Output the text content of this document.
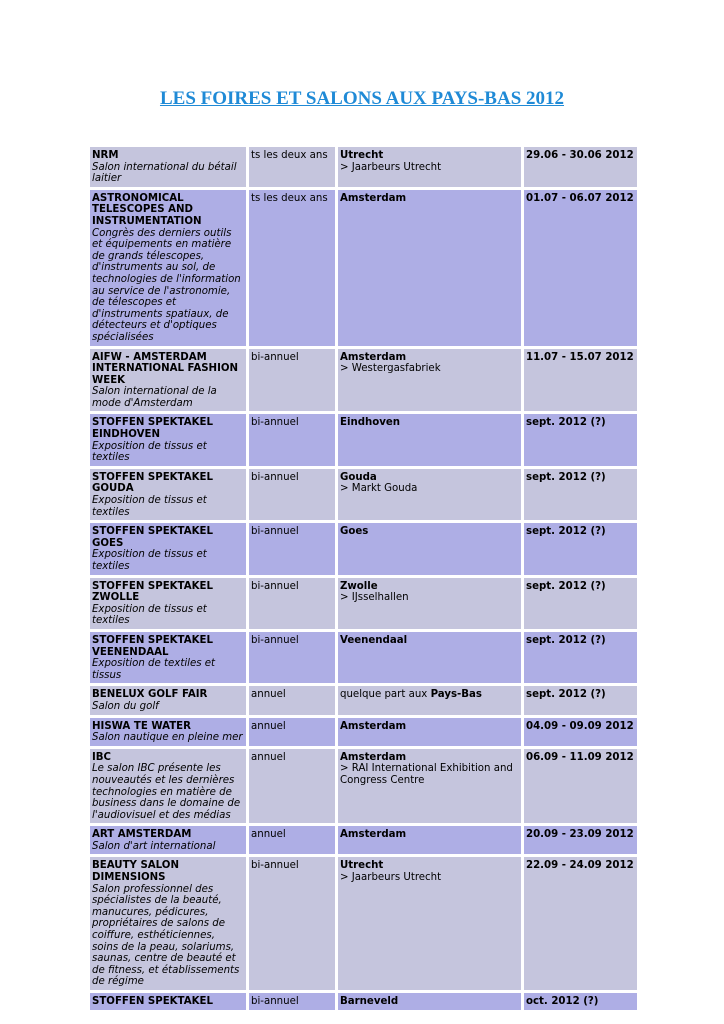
LES FOIRES ET SALONS AUX PAYS-BAS 2012
NRM
Salon international du bétail laitier	ts les deux ans	Utrecht
> Jaarbeurs Utrecht	29.06 - 30.06 2012

ASTRONOMICAL TELESCOPES AND INSTRUMENTATION
Congrès des derniers outils et équipements en matière de grands télescopes, d'instruments au sol, de technologies de l'information au service de l'astronomie, de télescopes et d'instruments spatiaux, de détecteurs et d'optiques spécialisées	ts les deux ans	Amsterdam	01.07 - 06.07 2012

AIFW - AMSTERDAM INTERNATIONAL FASHION WEEK
Salon international de la mode d'Amsterdam	bi-annuel	Amsterdam
> Westergasfabriek	11.07 - 15.07 2012

STOFFEN SPEKTAKEL EINDHOVEN
Exposition de tissus et textiles	bi-annuel	Eindhoven	sept. 2012 (?)

STOFFEN SPEKTAKEL GOUDA
Exposition de tissus et textiles	bi-annuel	Gouda
> Markt Gouda	sept. 2012 (?)

STOFFEN SPEKTAKEL GOES
Exposition de tissus et textiles	bi-annuel	Goes	sept. 2012 (?)

STOFFEN SPEKTAKEL ZWOLLE
Exposition de tissus et textiles	bi-annuel	Zwolle
> IJsselhallen	sept. 2012 (?)

STOFFEN SPEKTAKEL VEENENDAAL
Exposition de textiles et tissus	bi-annuel	Veenendaal	sept. 2012 (?)

BENELUX GOLF FAIR
Salon du golf	annuel	quelque part aux Pays-Bas	sept. 2012 (?)

HISWA TE WATER
Salon nautique en pleine mer	annuel	Amsterdam	04.09 - 09.09 2012

IBC
Le salon IBC présente les nouveautés et les dernières technologies en matière de business dans le domaine de l'audiovisuel et des médias	annuel	Amsterdam
> RAI International Exhibition and Congress Centre	06.09 - 11.09 2012

ART AMSTERDAM
Salon d'art international	annuel	Amsterdam	20.09 - 23.09 2012

BEAUTY SALON DIMENSIONS
Salon professionnel des spécialistes de la beauté, manucures, pédicures, propriétaires de salons de coiffure, esthéticiennes, soins de la peau, solariums, saunas, centre de beauté et de fitness, et établissements de régime	bi-annuel	Utrecht
> Jaarbeurs Utrecht	22.09 - 24.09 2012

STOFFEN SPEKTAKEL	bi-annuel	Barneveld	oct. 2012 (?)
